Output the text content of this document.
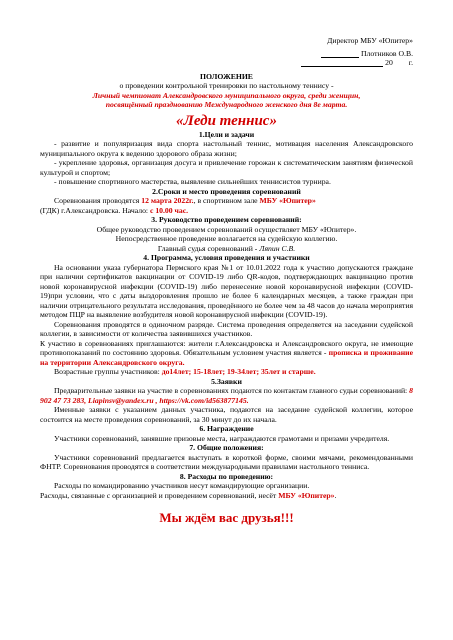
Директор МБУ «Юпитер»

Плотников О.В.
20 г.

ПОЛОЖЕНИЕ

о проведении контрольной тренировки по настольному теннису -

Личный чемпионат Александровского муниципального округа, среди женщин,

посвящённый празднованию Международного женского дня 8е марта.

«Леди теннис»

1.Цели и задачи

- развитие и популяризация вида спорта настольный теннис, мотивация населения Александровского муниципального округа к ведению здорового образа жизни;

- укрепление здоровья, организация досуга и привлечение горожан к систематическим занятиям физической культурой и спортом;

- повышение спортивного мастерства, выявление сильнейших теннисистов турнира.

2.Сроки и место проведения соревнований

Соревнования проводятся 12 марта 2022г., в спортивном зале МБУ «Юпитер»

(ГДК) г.Александровска. Начало: с 10.00 час.

3. Руководство проведением соревнований:

Общее руководство проведением соревнований осуществляет МБУ «Юпитер».

Непосредственное проведение возлагается на судейскую коллегию.

Главный судья соревнований - Ляпин С.В.

4. Программа, условия проведения и участники

На основании указа губернатора Пермского края №1 от 10.01.2022 года к участию допускаются граждане при наличии сертификатов вакцинации от COVID-19 либо QR-кодов, подтверждающих вакцинацию против новой коронавирусной инфекции (COVID-19) либо перенесение новой коронавирусной инфекции (COVID-19)при условии, что с даты выздоровления прошло не более 6 календарных месяцев, а также граждан при наличии отрицательного результата исследования, проведённого не более чем за 48 часов до начала мероприятия методом ПЦР на выявление возбудителя новой коронавирусной инфекции (COVID-19).

Соревнования проводятся в одиночном разряде. Система проведения определяется на заседании судейской коллегии, в зависимости от количества заявившихся участников.

К участию в соревнованиях приглашаются: жители г.Александровска и Александровского округа, не имеющие противопоказаний по состоянию здоровья. Обязательным условием участия является - прописка и проживание на территории Александровского округа.

Возрастные группы участников: до14лет; 15-18лет; 19-34лет; 35лет и старше.

5.Заявки

Предварительные заявки на участие в соревнованиях подаются по контактам главного судьи соревнований: 8 902 47 73 283, Liapinsv@yandex.ru , https://vk.com/id563877145.

Именные заявки с указанием данных участника, подаются на заседание судейской коллегии, которое состоится на месте проведения соревнований, за 30 минут до их начала.

6. Награждение

Участники соревнований, занявшие призовые места, награждаются грамотами и призами учредителя.

7. Общие положения:

Участники соревнований предлагается выступать в короткой форме, своими мячами, рекомендованными ФНТР. Соревнования проводятся в соответствии международными правилами настольного тенниса.

8. Расходы по проведению:

Расходы по командированию участников несут командирующие организации.

Расходы, связанные с организацией и проведением соревнований, несёт МБУ «Юпитер».

Мы ждём вас друзья!!!
